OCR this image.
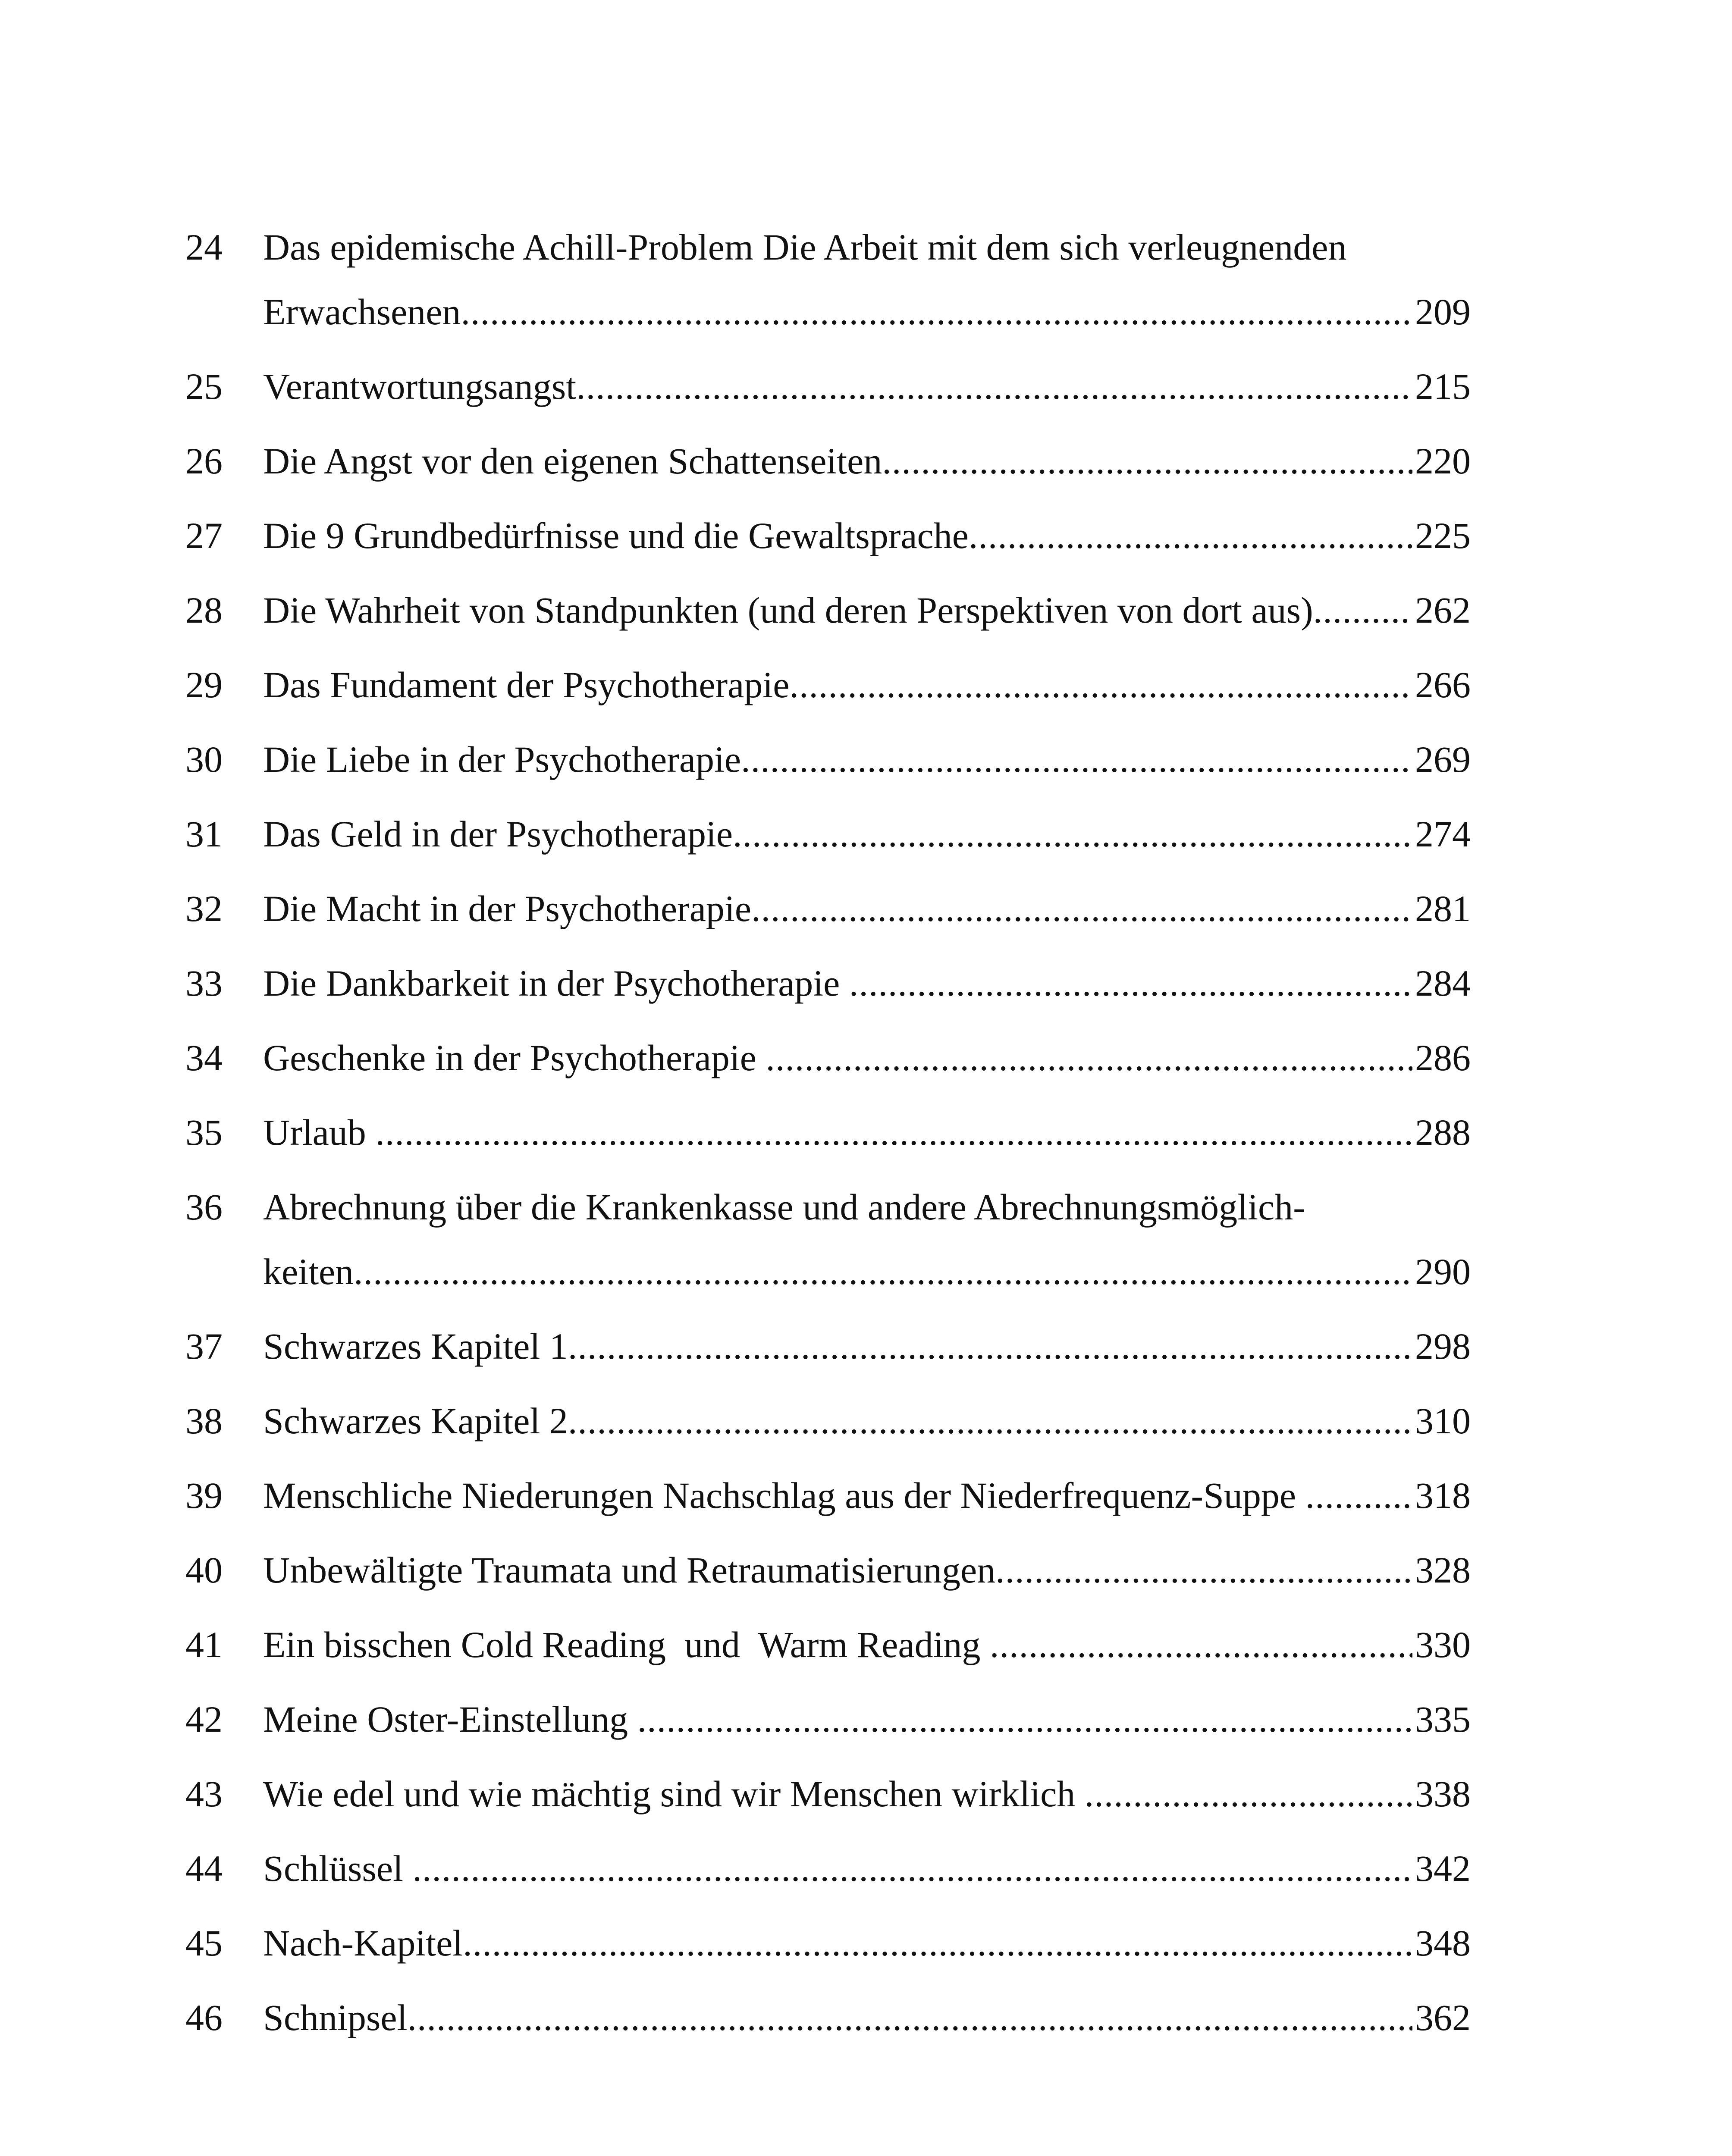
24	Das epidemische Achill-Problem Die Arbeit mit dem sich verleugnenden
Erwachsenen .....	209
25	Verantwortungsangst .....	215
26	Die Angst vor den eigenen Schattenseiten .....	220
27	Die 9 Grundbedürfnisse und die Gewaltsprache .....	225
28	Die Wahrheit von Standpunkten (und deren Perspektiven von dort aus) .....	262
29	Das Fundament der Psychotherapie .....	266
30	Die Liebe in der Psychotherapie .....	269
31	Das Geld in der Psychotherapie .....	274
32	Die Macht in der Psychotherapie .....	281
33	Die Dankbarkeit in der Psychotherapie .....	284
34	Geschenke in der Psychotherapie .....	286
35	Urlaub .....	288
36	Abrechnung über die Krankenkasse und andere Abrechnungsmöglich-
keiten .....	290
37	Schwarzes Kapitel 1 .....	298
38	Schwarzes Kapitel 2 .....	310
39	Menschliche Niederungen Nachschlag aus der Niederfrequenz-Suppe .....	318
40	Unbewältigte Traumata und Retraumatisierungen .....	328
41	Ein bisschen Cold Reading  und  Warm Reading .....	330
42	Meine Oster-Einstellung .....	335
43	Wie edel und wie mächtig sind wir Menschen wirklich .....	338
44	Schlüssel .....	342
45	Nach-Kapitel .....	348
46	Schnipsel .....	362
